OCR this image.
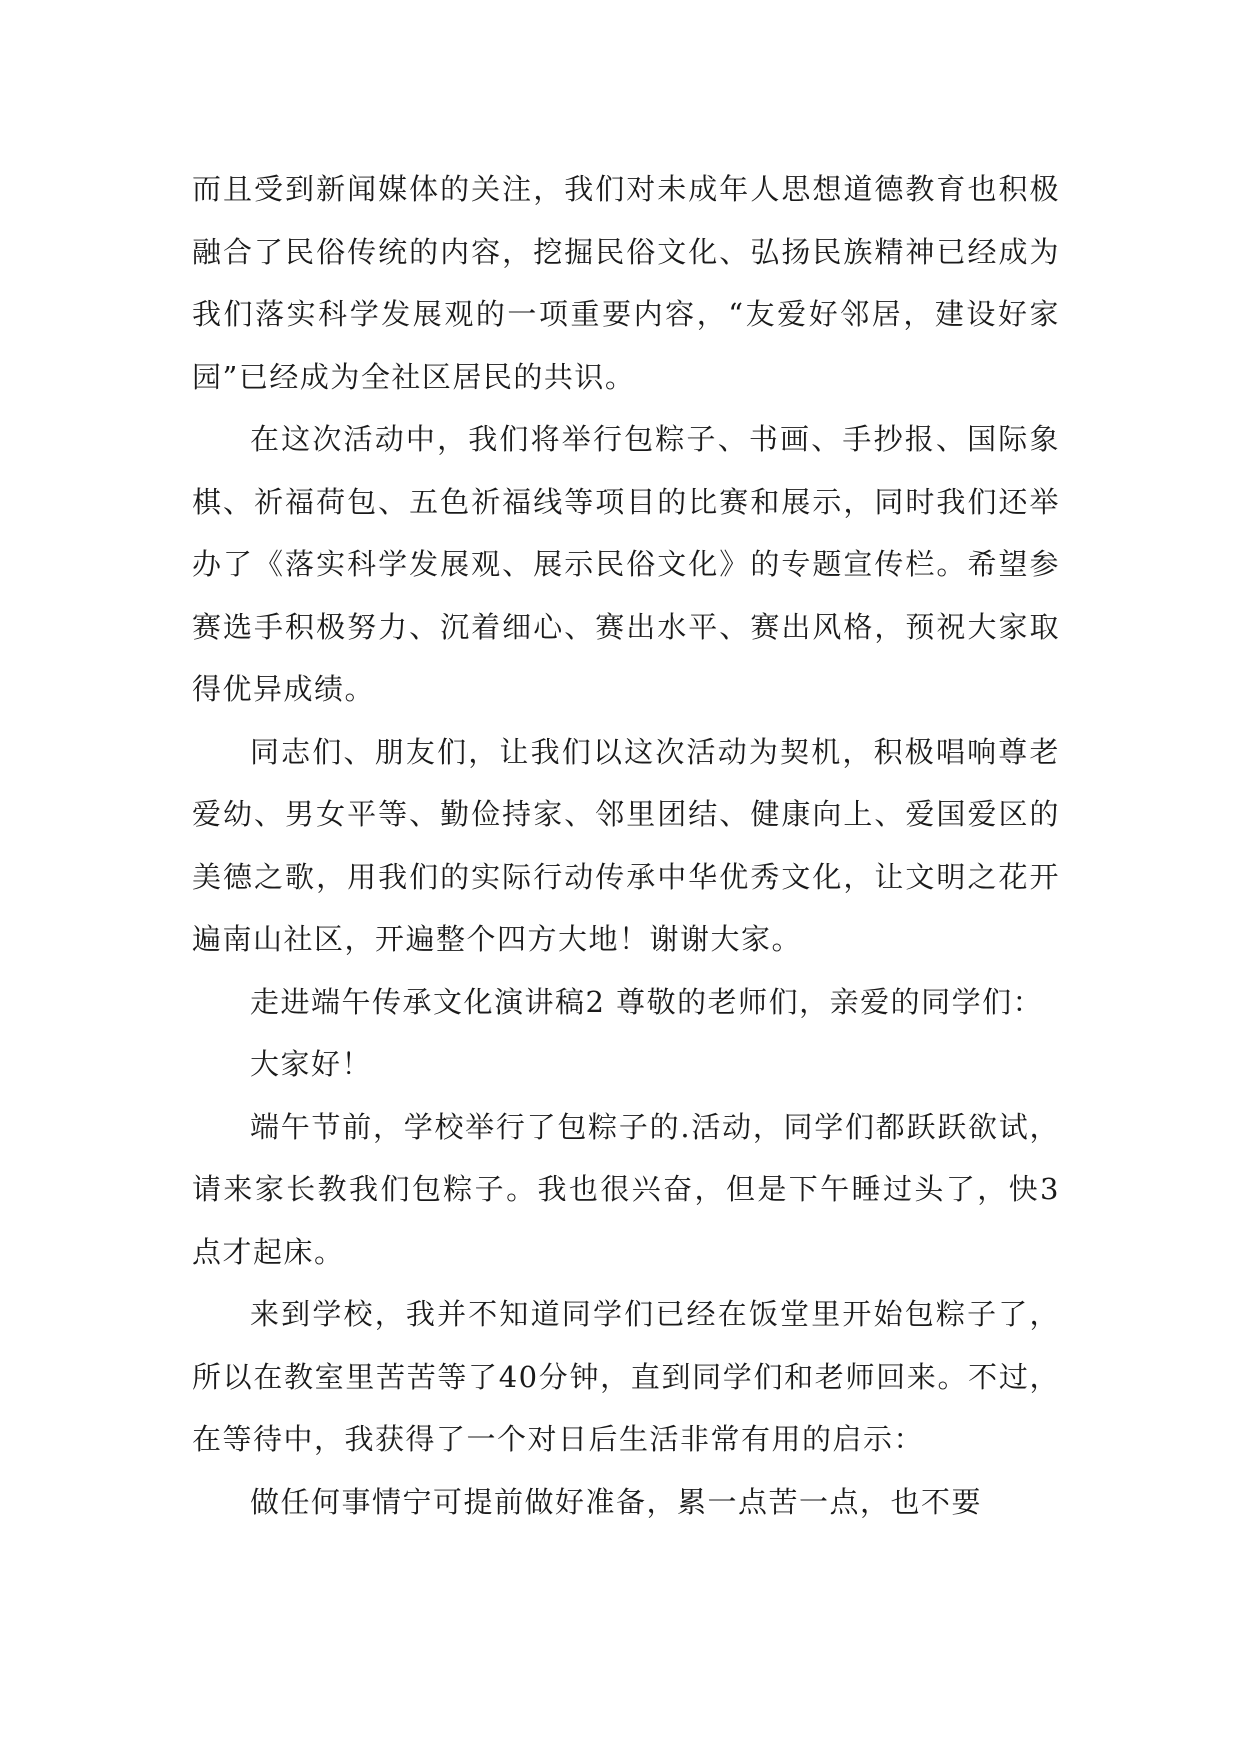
而且受到新闻媒体的关注，我们对未成年人思想道德教育也积极融合了民俗传统的内容，挖掘民俗文化、弘扬民族精神已经成为我们落实科学发展观的一项重要内容，“友爱好邻居，建设好家园”已经成为全社区居民的共识。

在这次活动中，我们将举行包粽子、书画、手抄报、国际象棋、祈福荷包、五色祈福线等项目的比赛和展示，同时我们还举办了《落实科学发展观、展示民俗文化》的专题宣传栏。希望参赛选手积极努力、沉着细心、赛出水平、赛出风格，预祝大家取得优异成绩。

同志们、朋友们，让我们以这次活动为契机，积极唱响尊老爱幼、男女平等、勤俭持家、邻里团结、健康向上、爱国爱区的美德之歌，用我们的实际行动传承中华优秀文化，让文明之花开遍南山社区，开遍整个四方大地！谢谢大家。

走进端午传承文化演讲稿2 尊敬的老师们，亲爱的同学们：

大家好！

端午节前，学校举行了包粽子的.活动，同学们都跃跃欲试，请来家长教我们包粽子。我也很兴奋，但是下午睡过头了，快3点才起床。

来到学校，我并不知道同学们已经在饭堂里开始包粽子了，所以在教室里苦苦等了40分钟，直到同学们和老师回来。不过，在等待中，我获得了一个对日后生活非常有用的启示：

做任何事情宁可提前做好准备，累一点苦一点，也不要
